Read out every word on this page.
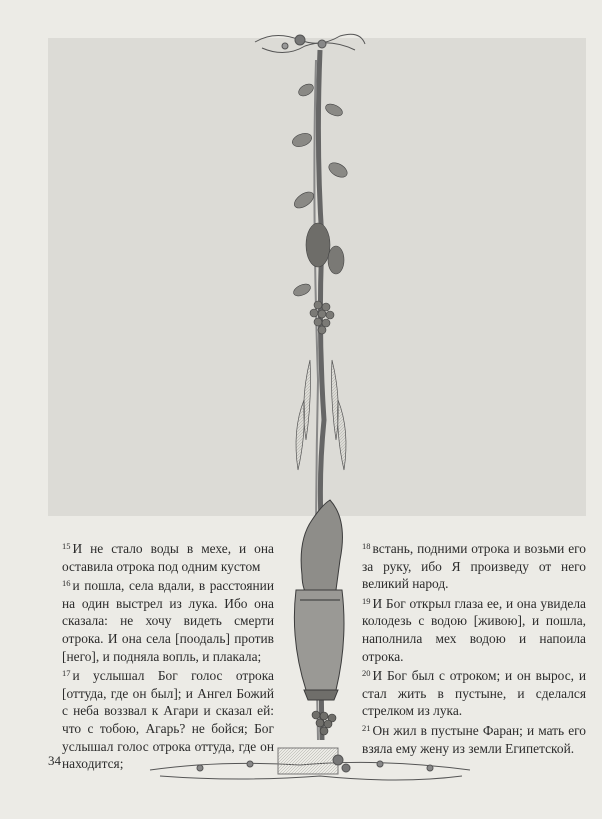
$^{15}$ И не стало воды в мехе, и она оставила отрока под одним кустом

$^{16}$ и пошла, села вдали, в расстоянии на один выстрел из лука. Ибо она сказала: не хочу видеть смерти отрока. И она села [поодаль] против [него], и подняла вопль, и плакала;

$^{17}$ и услышал Бог голос отрока [оттуда, где он был]; и Ангел Божий с неба воззвал к Агари и сказал ей: что с тобою, Агарь? не бойся; Бог услышал голос отрока оттуда, где он находится;

$^{18}$ встань, подними отрока и возьми его за руку, ибо Я произведу от него великий народ.

$^{19}$ И Бог открыл глаза ее, и она увидела колодезь с водою [живою], и пошла, наполнила мех водою и напоила отрока.

$^{20}$ И Бог был с отроком; и он вырос, и стал жить в пустыне, и сделался стрелком из лука.

$^{21}$ Он жил в пустыне Фаран; и мать его взяла ему жену из земли Египетской.

34
